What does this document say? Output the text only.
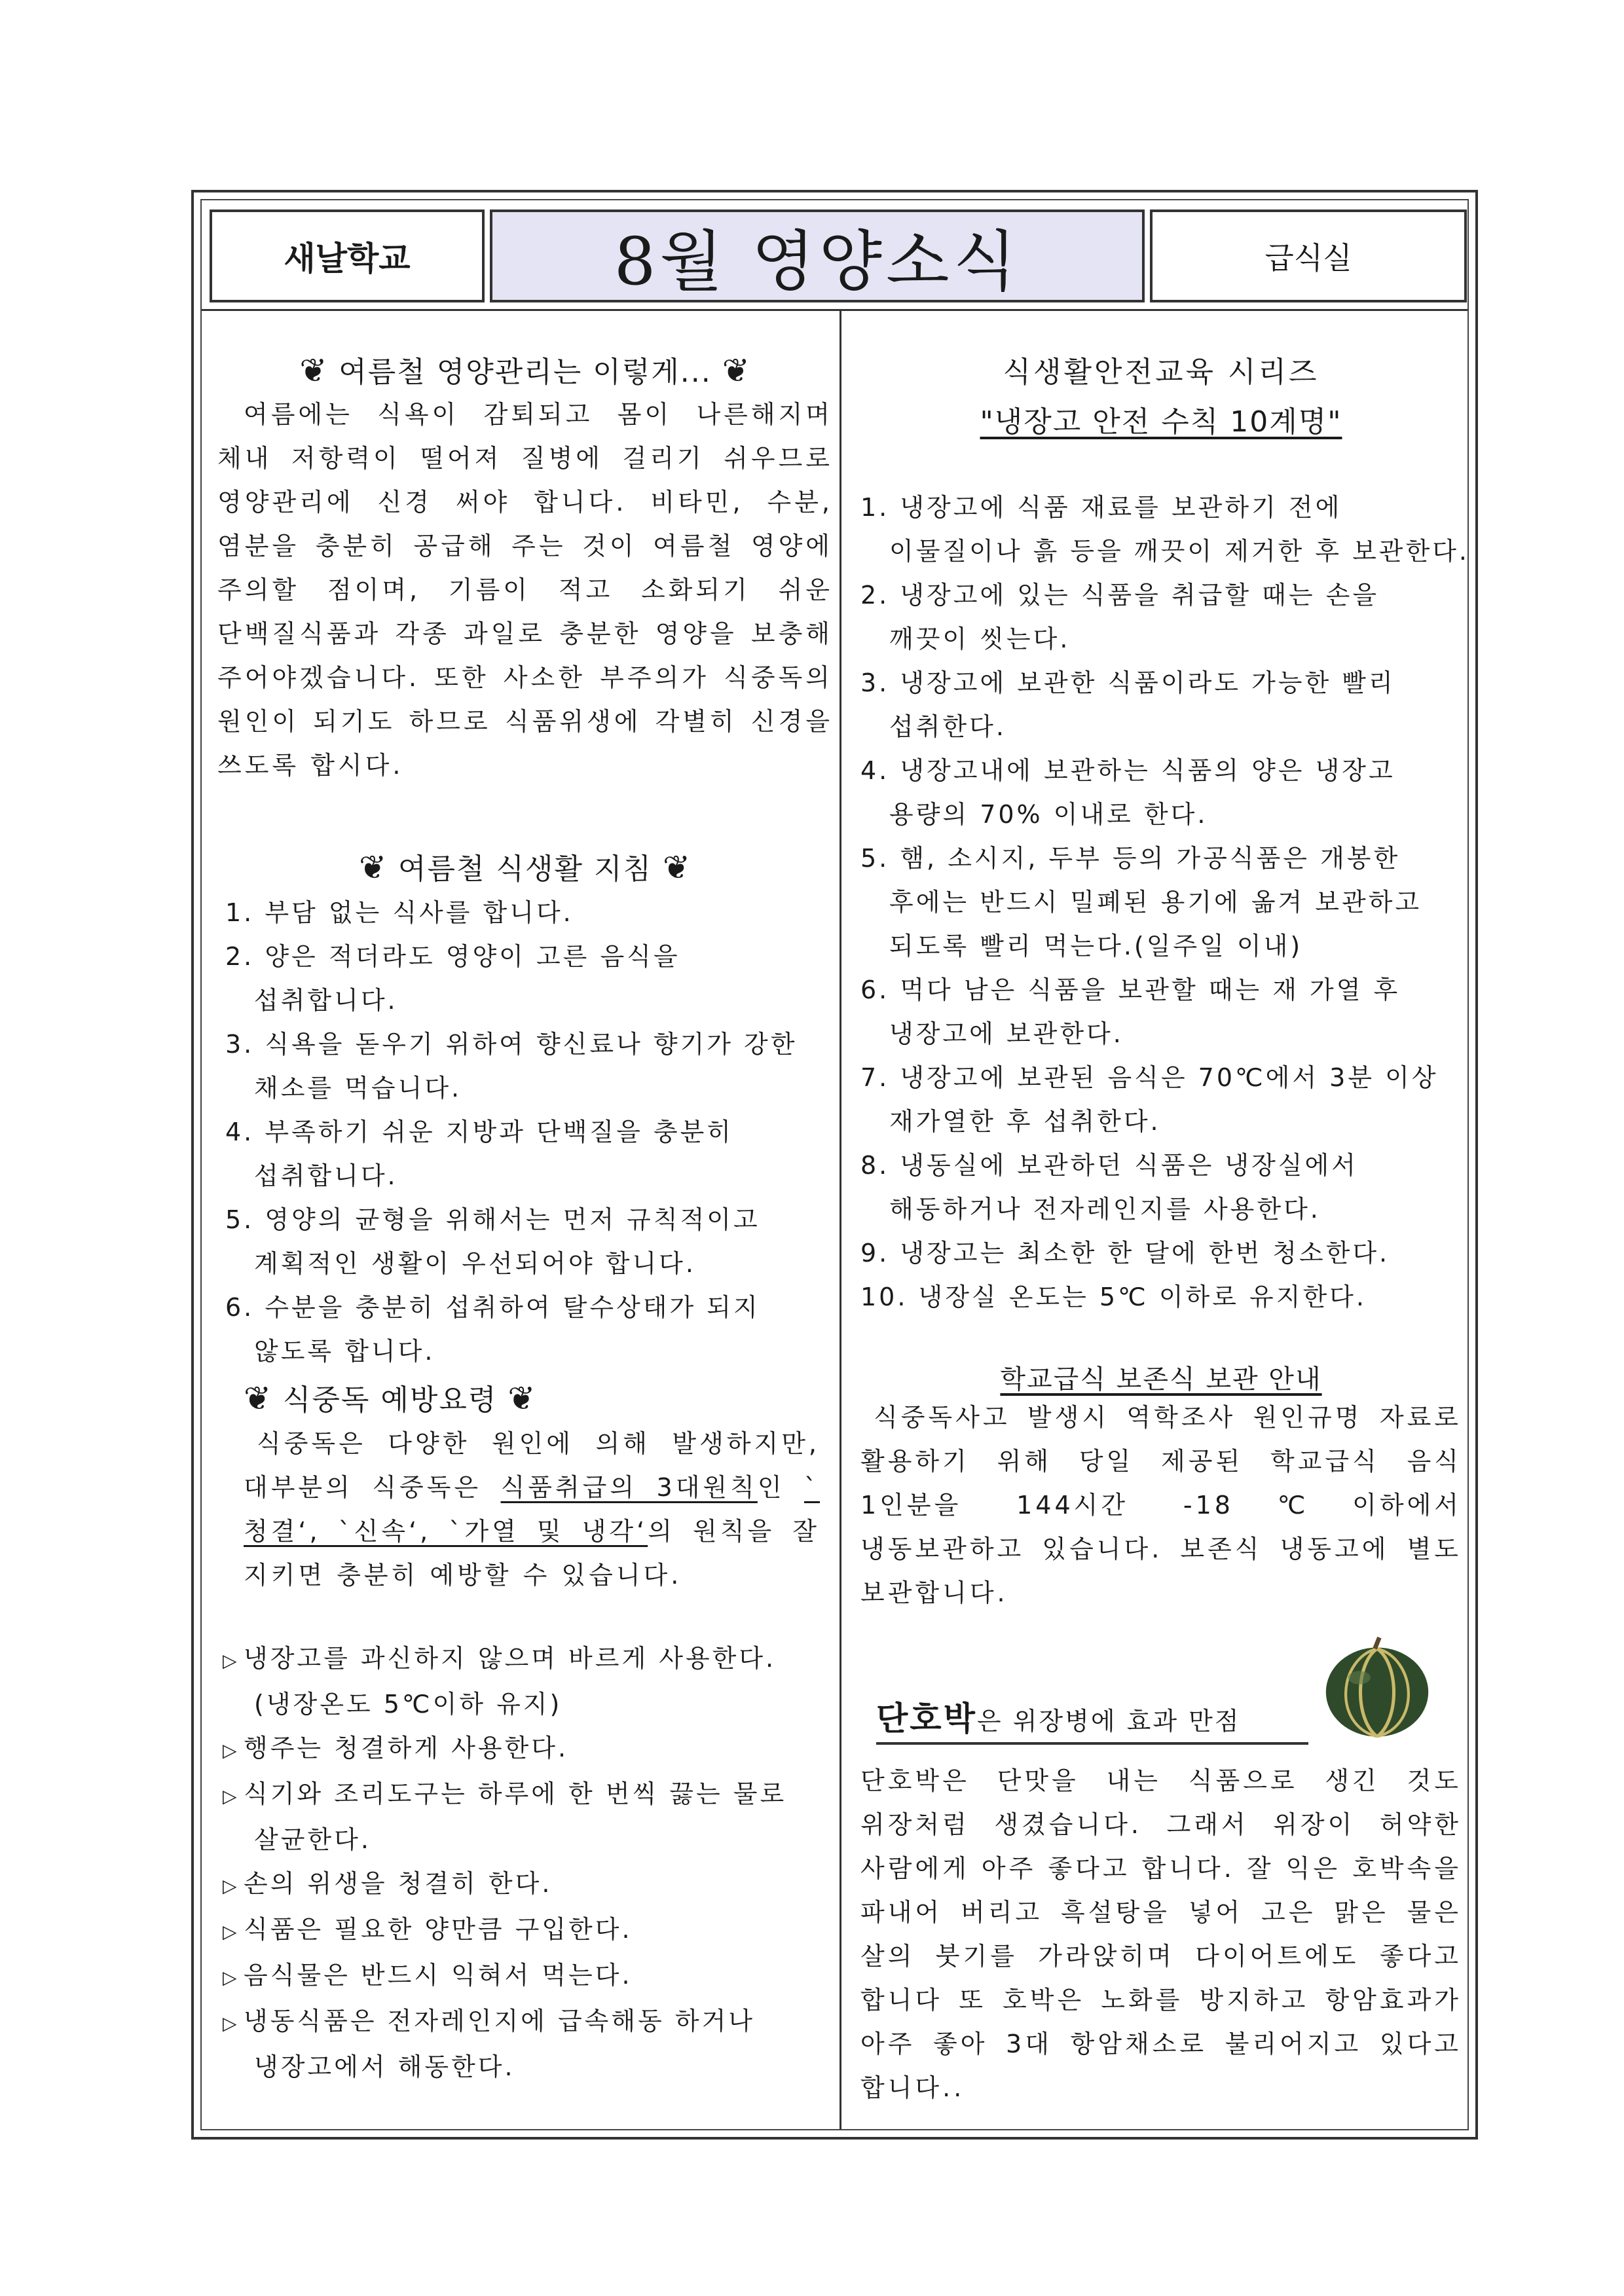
새날학교	8월 영양소식	급식실

❦ 여름철 영양관리는 이렇게... ❦

여름에는 식욕이 감퇴되고 몸이 나른해지며 체내 저항력이 떨어져 질병에 걸리기 쉬우므로 영양관리에 신경 써야 합니다. 비타민, 수분, 염분을 충분히 공급해 주는 것이 여름철 영양에 주의할 점이며, 기름이 적고 소화되기 쉬운 단백질식품과 각종 과일로 충분한 영양을 보충해 주어야겠습니다. 또한 사소한 부주의가 식중독의 원인이 되기도 하므로 식품위생에 각별히 신경을 쓰도록 합시다.

❦ 여름철 식생활 지침 ❦

1. 부담 없는 식사를 합니다.
2. 양은 적더라도 영양이 고른 음식을 섭취합니다.
3. 식욕을 돋우기 위하여 향신료나 향기가 강한 채소를 먹습니다.
4. 부족하기 쉬운 지방과 단백질을 충분히 섭취합니다.
5. 영양의 균형을 위해서는 먼저 규칙적이고 계획적인 생활이 우선되어야 합니다.
6. 수분을 충분히 섭취하여 탈수상태가 되지 않도록 합니다.

❦ 식중독 예방요령 ❦

식중독은 다양한 원인에 의해 발생하지만, 대부분의 식중독은 식품취급의 3대원칙인 `청결‘, `신속‘, `가열 및 냉각‘의 원칙을 잘 지키면 충분히 예방할 수 있습니다.

▷ 냉장고를 과신하지 않으며 바르게 사용한다. (냉장온도 5℃이하 유지)

▷ 행주는 청결하게 사용한다.

▷ 식기와 조리도구는 하루에 한 번씩 끓는 물로 살균한다.

▷ 손의 위생을 청결히 한다.

▷ 식품은 필요한 양만큼 구입한다.

▷ 음식물은 반드시 익혀서 먹는다.

▷ 냉동식품은 전자레인지에 급속해동 하거나 냉장고에서 해동한다.

식생활안전교육 시리즈

"냉장고 안전 수칙 10계명"

1. 냉장고에 식품 재료를 보관하기 전에 이물질이나 흙 등을 깨끗이 제거한 후 보관한다.
2. 냉장고에 있는 식품을 취급할 때는 손을 깨끗이 씻는다.
3. 냉장고에 보관한 식품이라도 가능한 빨리 섭취한다.
4. 냉장고내에 보관하는 식품의 양은 냉장고 용량의 70% 이내로 한다.
5. 햄, 소시지, 두부 등의 가공식품은 개봉한 후에는 반드시 밀폐된 용기에 옮겨 보관하고 되도록 빨리 먹는다.(일주일 이내)
6. 먹다 남은 식품을 보관할 때는 재 가열 후 냉장고에 보관한다.
7. 냉장고에 보관된 음식은 70℃에서 3분 이상 재가열한 후 섭취한다.
8. 냉동실에 보관하던 식품은 냉장실에서 해동하거나 전자레인지를 사용한다.
9. 냉장고는 최소한 한 달에 한번 청소한다.
10. 냉장실 온도는 5℃ 이하로 유지한다.

학교급식 보존식 보관 안내

식중독사고 발생시 역학조사 원인규명 자료로 활용하기 위해 당일 제공된 학교급식 음식 1인분을 144시간 -18℃이하에서 냉동보관하고 있습니다. 보존식 냉동고에 별도 보관합니다.

단호박은 위장병에 효과 만점

단호박은 단맛을 내는 식품으로 생긴 것도 위장처럼 생겼습니다. 그래서 위장이 허약한 사람에게 아주 좋다고 합니다. 잘 익은 호박속을 파내어 버리고 흑설탕을 넣어 고은 맑은 물은 살의 붓기를 가라앉히며 다이어트에도 좋다고 합니다 또 호박은 노화를 방지하고 항암효과가 아주 좋아 3대 항암채소로 불리어지고 있다고 합니다..
